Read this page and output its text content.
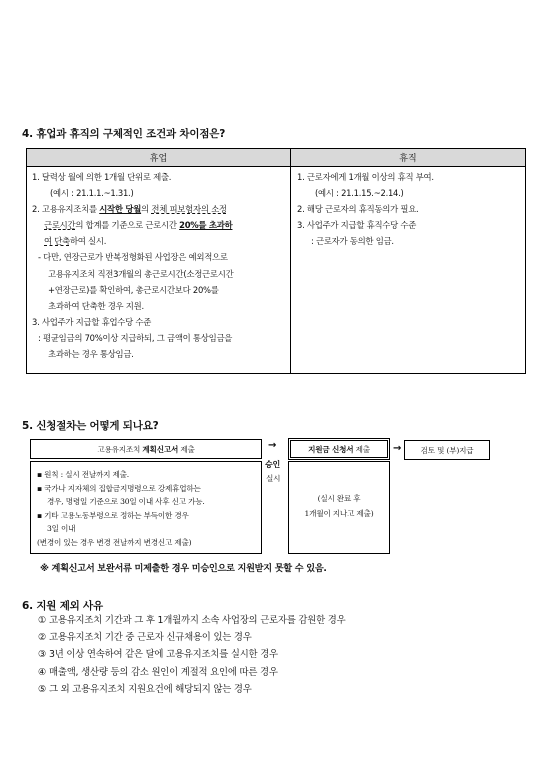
4. 휴업과 휴직의 구체적인 조건과 차이점은?
휴업	휴직
1. 달력상 월에 의한 1개월 단위로 제출.
(예시 : 21.1.1.~1.31.)
2. 고용유지조치를 시작한 당월의 전체 피보험자의 소정
근로시간의 합계를 기준으로 근로시간 20%를 초과하
여 단축하여 실시.
- 다만, 연장근로가 반복정형화된 사업장은 예외적으로
고용유지조치 직전3개월의 총근로시간(소정근로시간
+연장근로)를 확인하여, 총근로시간보다 20%를
초과하여 단축한 경우 지원.
3. 사업주가 지급할 휴업수당 수준
: 평균임금의 70%이상 지급하되, 그 금액이 통상임금을
초과하는 경우 통상임금.
1. 근로자에게 1개월 이상의 휴직 부여.
(예시 : 21.1.15.~2.14.)
2. 해당 근로자의 휴직동의가 필요.
3. 사업주가 지급할 휴직수당 수준
: 근로자가 동의한 임금.
5. 신청절차는 어떻게 되나요?
고용유지조치 계획신고서 제출
▪ 원칙 : 실시 전날까지 제출.
▪ 국가나 지자체의 집합금지명령으로 강제휴업하는
경우, 명령일 기준으로 30일 이내 사후 신고 가능.
▪ 기타 고용노동부령으로 정하는 부득이한 경우
3일 이내
(변경이 있는 경우 변경 전날까지 변경신고 제출)
→
승인
실시
지원금 신청서 제출
(실시 완료 후
1개월이 지나고 제출)
→	검토 및 (부)지급
※ 계획신고서 보완서류 미제출한 경우 미승인으로 지원받지 못할 수 있음.
6. 지원 제외 사유
① 고용유지조치 기간과 그 후 1개월까지 소속 사업장의 근로자를 감원한 경우
② 고용유지조치 기간 중 근로자 신규채용이 있는 경우
③ 3년 이상 연속하여 같은 달에 고용유지조치를 실시한 경우
④ 매출액, 생산량 등의 감소 원인이 계절적 요인에 따른 경우
⑤ 그 외 고용유지조치 지원요건에 해당되지 않는 경우
